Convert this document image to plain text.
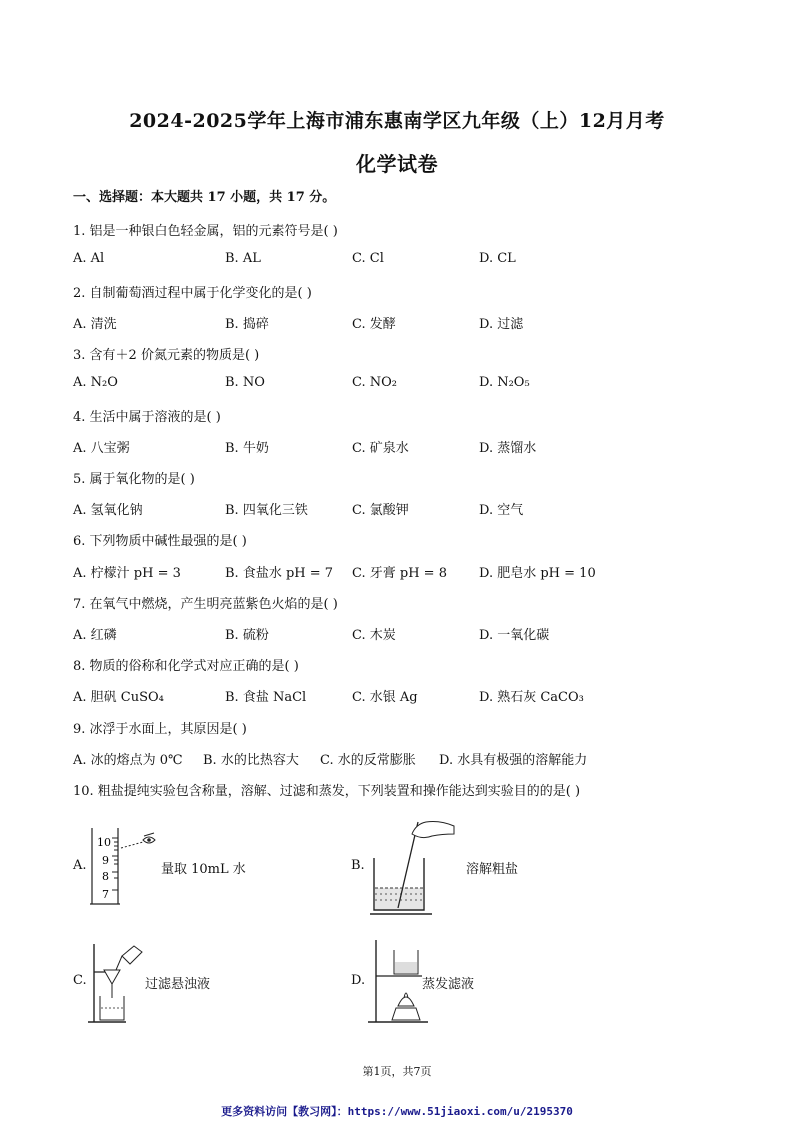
2024-2025学年上海市浦东惠南学区九年级（上）12月月考
化学试卷
一、选择题：本大题共 17 小题，共 17 分。
1. 铝是一种银白色轻金属，铝的元素符号是( )
A. Al	B. AL	C. Cl	D. CL
2. 自制葡萄酒过程中属于化学变化的是( )
A. 清洗	B. 捣碎	C. 发酵	D. 过滤
3. 含有＋2 价氮元素的物质是( )
A. N₂O	B. NO	C. NO₂	D. N₂O₅
4. 生活中属于溶液的是( )
A. 八宝粥	B. 牛奶	C. 矿泉水	D. 蒸馏水
5. 属于氧化物的是( )
A. 氢氧化钠	B. 四氧化三铁	C. 氯酸钾	D. 空气
6. 下列物质中碱性最强的是( )
A. 柠檬汁 pH = 3	B. 食盐水 pH = 7 C. 牙膏 pH = 8 D. 肥皂水 pH = 10
7. 在氧气中燃烧，产生明亮蓝紫色火焰的是( )
A. 红磷	B. 硫粉	C. 木炭	D. 一氧化碳
8. 物质的俗称和化学式对应正确的是( )
A. 胆矾 CuSO₄	B. 食盐 NaCl	C. 水银 Ag	D. 熟石灰 CaCO₃
9. 冰浮于水面上，其原因是( )
A. 冰的熔点为 0℃ B. 水的比热容大 C. 水的反常膨胀 D. 水具有极强的溶解能力
10. 粗盐提纯实验包含称量，溶解、过滤和蒸发，下列装置和操作能达到实验目的的是( )
A.
10
9
8
7
量取 10mL 水	B.	溶解粗盐
C.	过滤悬浊液	D.	蒸发滤液
第1页，共7页
更多资料访问【教习网】：https://www.51jiaoxi.com/u/2195370
